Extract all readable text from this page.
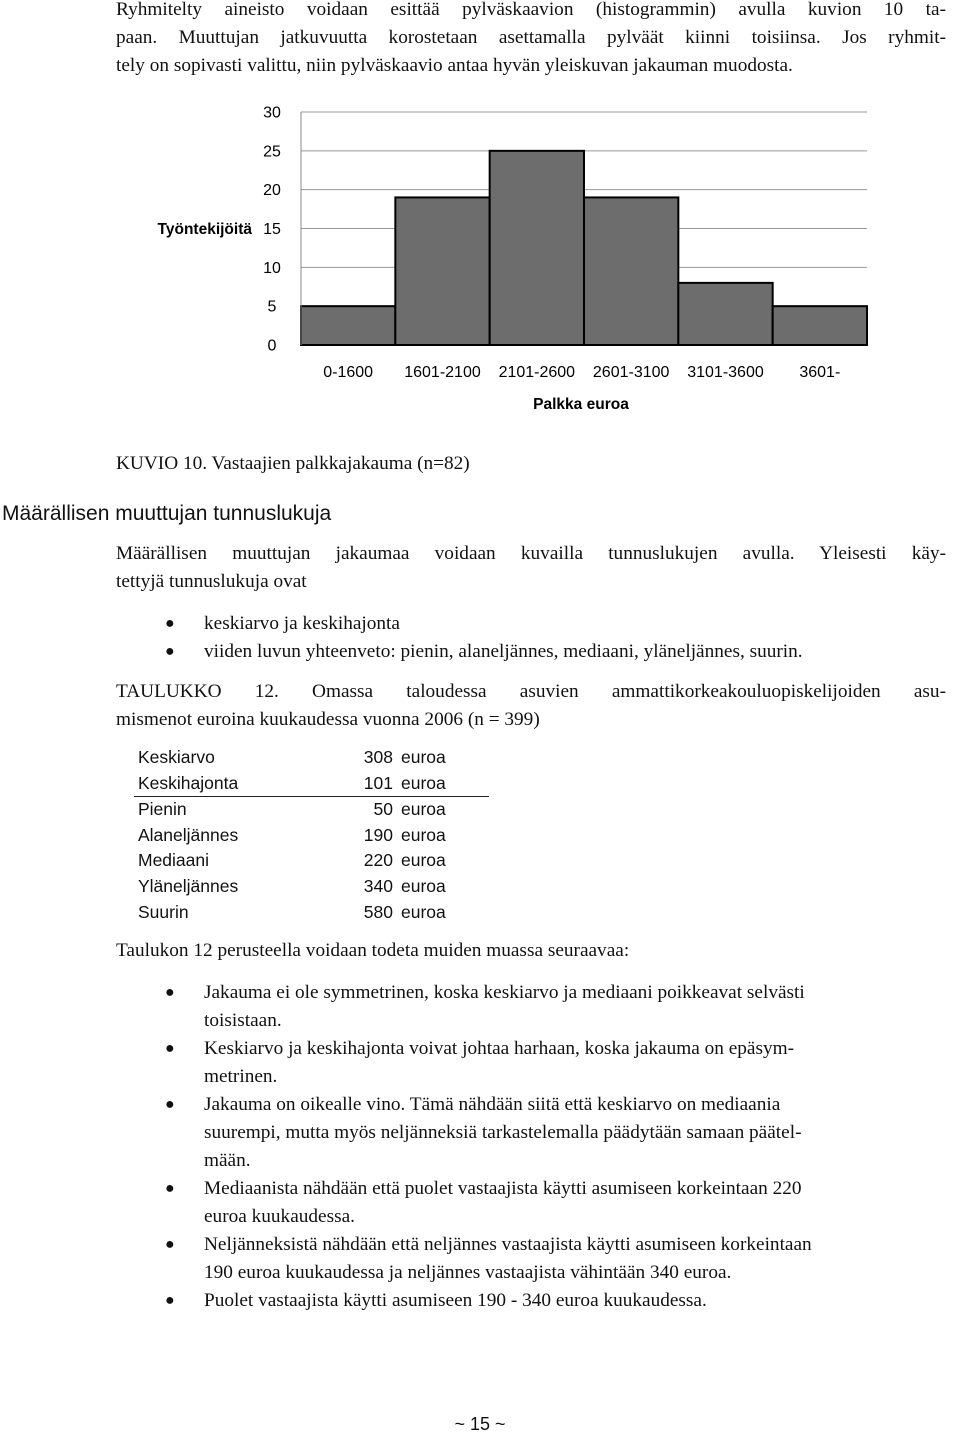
Ryhmitelty aineisto voidaan esittää pylväskaavion (histogrammin) avulla kuvion 10 ta-
paan. Muuttujan jatkuvuutta korostetaan asettamalla pylväät kiinni toisiinsa. Jos ryhmit-
tely on sopivasti valittu, niin pylväskaavio antaa hyvän yleiskuvan jakauman muodosta.
0
5
10
15
20
25
30
0-1600 1601-2100 2101-2600 2601-3100 3101-3600 3601-
Työntekijöitä
Palkka euroa
KUVIO 10. Vastaajien palkkajakauma (n=82)
Määrällisen muuttujan tunnuslukuja
Määrällisen muuttujan jakaumaa voidaan kuvailla tunnuslukujen avulla. Yleisesti käy-
tettyjä tunnuslukuja ovat
● keskiarvo ja keskihajonta
● viiden luvun yhteenveto: pienin, alaneljännes, mediaani, yläneljännes, suurin.
TAULUKKO 12. Omassa taloudessa asuvien ammattikorkeakouluopiskelijoiden asu-
mismenot euroina kuukaudessa vuonna 2006 (n = 399)
Keskiarvo	308	euroa
Keskihajonta	101	euroa
Pienin	50	euroa
Alaneljännes	190	euroa
Mediaani	220	euroa
Yläneljännes	340	euroa
Suurin	580	euroa
Taulukon 12 perusteella voidaan todeta muiden muassa seuraavaa:
● Jakauma ei ole symmetrinen, koska keskiarvo ja mediaani poikkeavat selvästi
toisistaan.
● Keskiarvo ja keskihajonta voivat johtaa harhaan, koska jakauma on epäsym-
metrinen.
● Jakauma on oikealle vino. Tämä nähdään siitä että keskiarvo on mediaania
suurempi, mutta myös neljänneksiä tarkastelemalla päädytään samaan päätel-
mään.
● Mediaanista nähdään että puolet vastaajista käytti asumiseen korkeintaan 220
euroa kuukaudessa.
● Neljänneksistä nähdään että neljännes vastaajista käytti asumiseen korkeintaan
190 euroa kuukaudessa ja neljännes vastaajista vähintään 340 euroa.
● Puolet vastaajista käytti asumiseen 190 - 340 euroa kuukaudessa.
~ 15 ~
